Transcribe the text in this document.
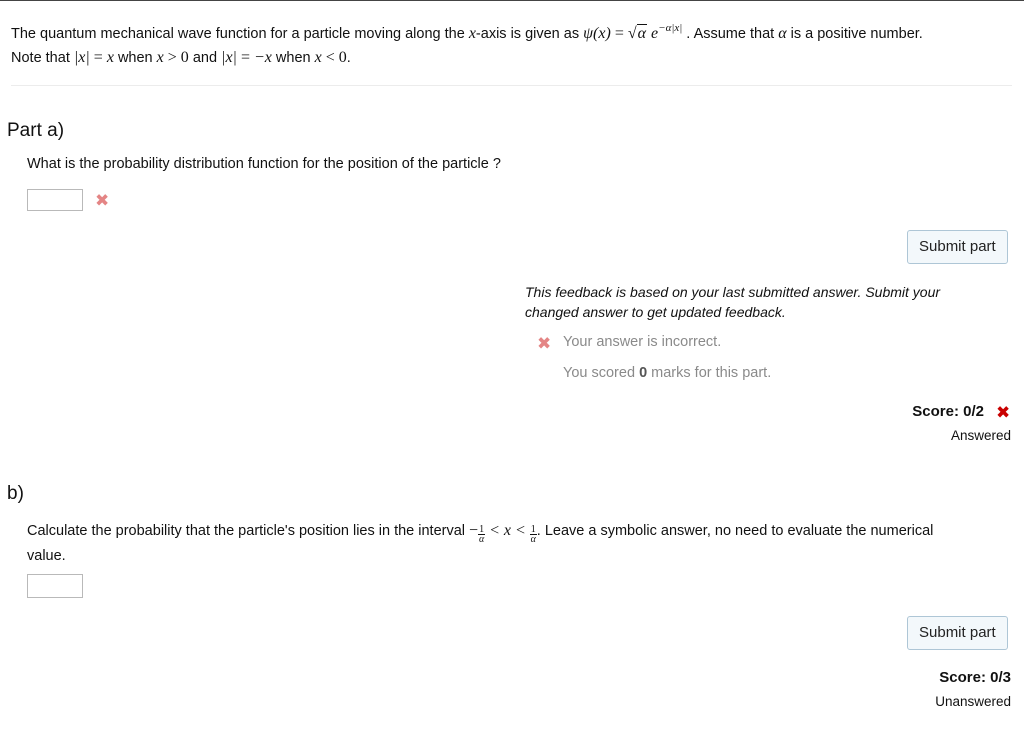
The quantum mechanical wave function for a particle moving along the x-axis is given as ψ(x) = √α $e^{-\alpha|x|}$ . Assume that α is a positive number.
Note that |x| = x when x > 0 and |x| = −x when x < 0.
Part a)
What is the probability distribution function for the position of the particle ?
✖
Submit part
This feedback is based on your last submitted answer. Submit your changed answer to get updated feedback.
✖ Your answer is incorrect.
You scored 0 marks for this part.
Score: 0/2 ✖
Answered
b)
Calculate the probability that the particle's position lies in the interval − $\frac{1}{\alpha} < x < \frac{1}{\alpha}$ . Leave a symbolic answer, no need to evaluate the numerical
value.
Submit part
Score: 0/3
Unanswered
